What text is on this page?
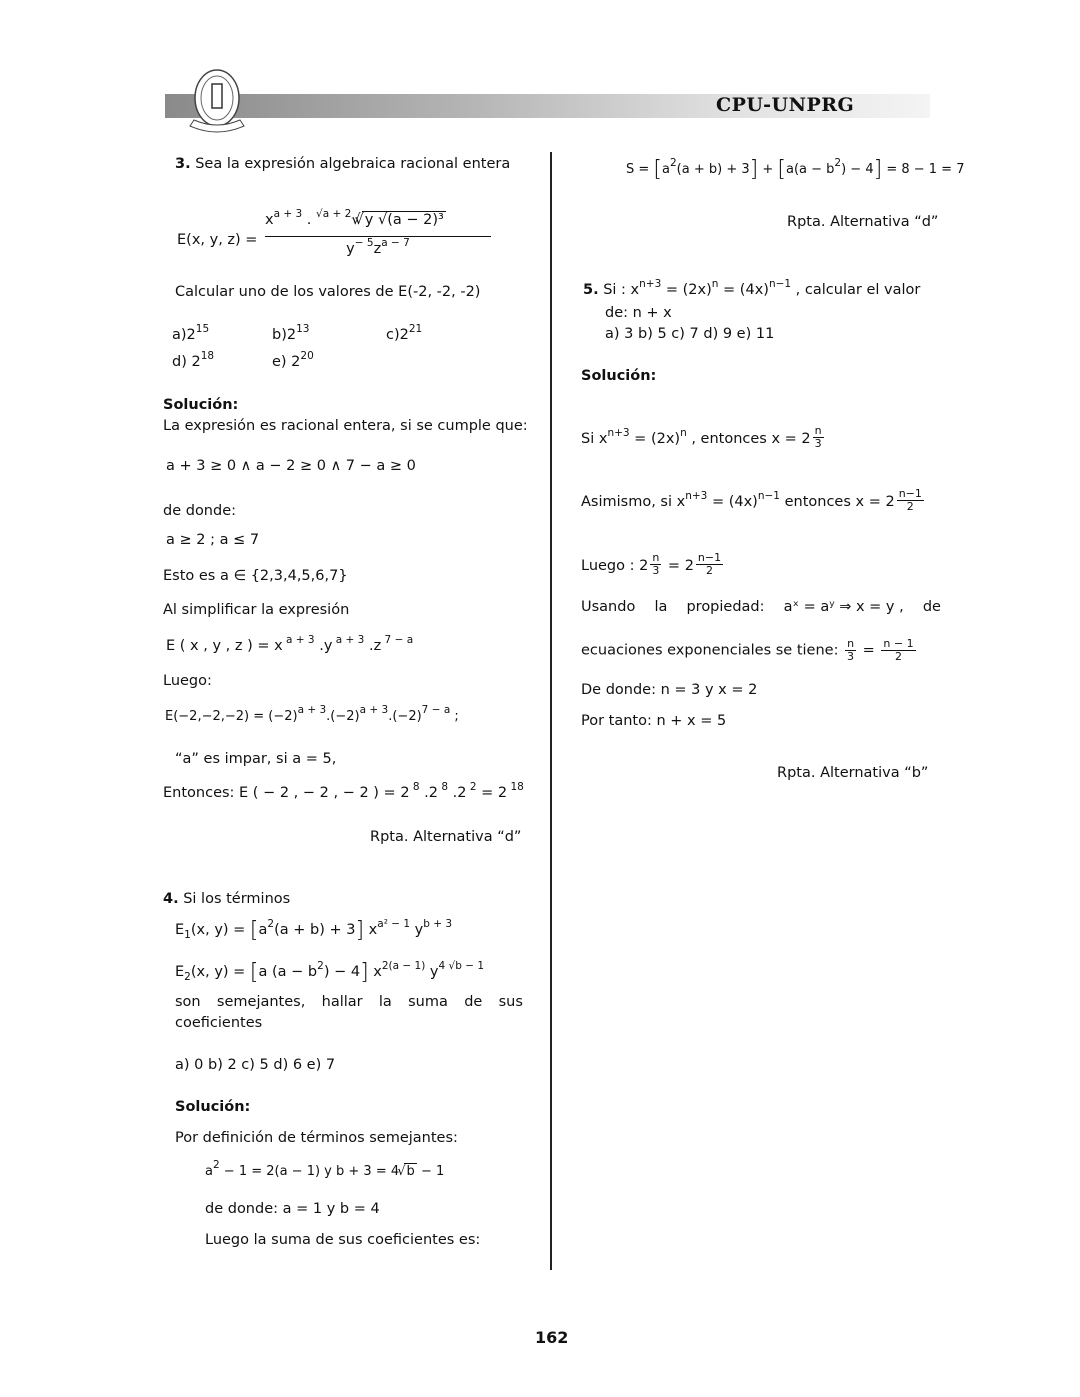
CPU-UNPRG
3. Sea la expresión algebraica racional entera
E(x, y, $z) = \frac{x^{a + 3} . ^{√a + 2}√ √ y √(a - 2)^3}{y^{- 5}z^{a - 7}}$
Calcular uno de los valores de E(-2, -2, -2)
$a)2^{15}$	$b)2^{13}$	$c)2^{21}$
d) $2^{18}$	e) $2^{20}$
Solución:
La expresión es racional entera, si se cumple que:
a + 3 ≥ 0 ∧ a − 2 ≥ 0 ∧ 7 − a ≥ 0
de donde:
a ≥ 2 ; a ≤ 7
Esto es a ∈ {2,3,4,5,6,7}
Al simplificar la expresión
E ( x , y , z ) = x $^{a + 3}$ .y $^{a + 3}$ .z $^{7 - a}$
Luego:
$E(-2,-2,-2) = (-2)^{a + 3}.(-2)^{a + 3}.(-2)^{7 - a}$ ;
“a” es impar, si a = 5,
Entonces: E ( − 2 , − 2 , − 2 ) = 2 $^8$ .2 $^8$ .2 $^2$ = 2 $^{18}$
Rpta. Alternativa “d”
4. Si los términos
$E_1(x$, $y) = [a^2(a + b) + 3]$ $x^{a^2 - 1}$ $y^{b + 3}$
$E_2(x$, y) = [a $(a - b^2) - 4$] $x^{2(a - 1)}$ $y^{4 √b - 1}$
son semejantes, hallar la suma de sus
coeficientes
a) 0 b) 2 c) 5 d) 6 e) 7
Solución:
Por definición de términos semejantes:
$a^2 - 1 = 2(a - 1)$ y b + 3 = 4 √ b − 1
de donde: a = 1 y b = 4
Luego la suma de sus coeficientes es:
$S = [a^2(a + b) + 3] + [a(a - b^2) - 4] = 8 - 1 = 7$
Rpta. Alternativa “d”
5. Si : $x^{n+3} = (2x)^n = (4x)^{n-1}$ , calcular el valor
de: n + x
a) 3 b) 5 c) 7 d) 9 e) 11
Solución:
Si $x^{n+3} = (2x)^n$ , entonces $x = 2 \frac{n}{3}$
Asimismo, si $x^{n+3} = (4x)^{n-1}$ entonces $x = 2 \frac{n-1}{2}$
Luego : $2 \frac{n}{3} = 2 \frac{n-1}{2}$
Usando la propiedad: aˣ = aʸ ⇒ x = y , de
ecuaciones exponenciales se tiene: $\frac{n}{3} = \frac{n - 1}{2}$
De donde: n = 3 y x = 2
Por tanto: n + x = 5
Rpta. Alternativa “b”
162
